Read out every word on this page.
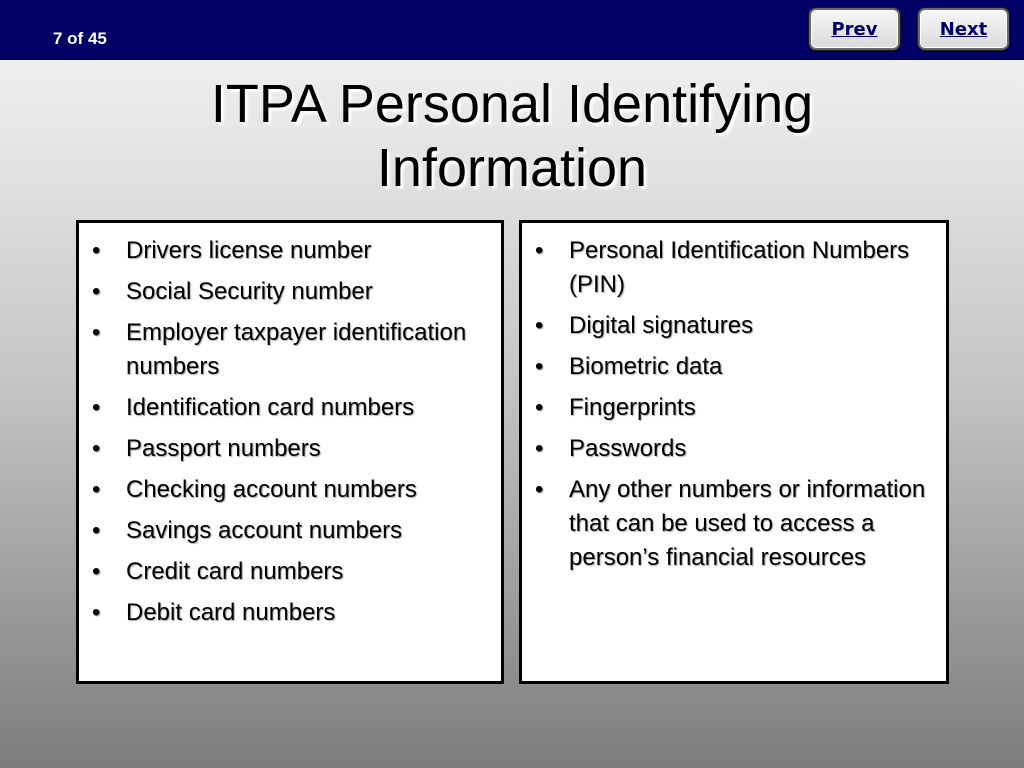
7 of 45	Prev	Next
ITPA Personal Identifying
Information
• Drivers license number
• Social Security number
• Employer taxpayer identification numbers
• Identification card numbers
• Passport numbers
• Checking account numbers
• Savings account numbers
• Credit card numbers
• Debit card numbers
• Personal Identification Numbers (PIN)
• Digital signatures
• Biometric data
• Fingerprints
• Passwords
• Any other numbers or information that can be used to access a person’s financial resources
